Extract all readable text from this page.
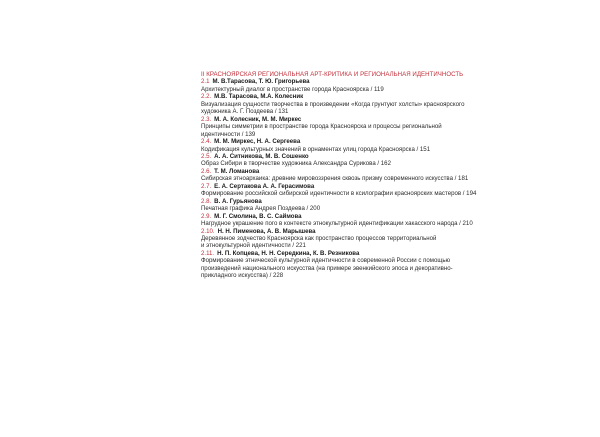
II КРАСНОЯРСКАЯ РЕГИОНАЛЬНАЯ АРТ-КРИТИКА И РЕГИОНАЛЬНАЯ ИДЕНТИЧНОСТЬ
2.1 М. В.Тарасова, Т. Ю. Григорьева
Архитектурный диалог в пространстве города Красноярска / 119
2.2. М.В. Тарасова, М.А. Колесник
Визуализация сущности творчества в произведении «Когда грунтуют холсты» красноярского
художника А. Г. Поздеева / 131
2.3. М. А. Колесник, М. М. Миркес
Принципы симметрии в пространстве города Красноярска и процессы региональной
идентичности / 139
2.4. М. М. Миркес, Н. А. Сергеева
Кодификация культурных значений в орнаментах улиц города Красноярска / 151
2.5. А. А. Ситникова, М. В. Сошенко
Образ Сибири в творчестве художника Александра Сурикова / 162
2.6. Т. М. Ломанова
Сибирская этноархаика: древние мировоззрения сквозь призму современного искусства / 181
2.7. Е. А. Сертакова А. А. Герасимова
Формирование российской сибирской идентичности в ксилографии красноярских мастеров / 194
2.8. В. А. Гурьянова
Печатная графика Андрея Поздеева / 200
2.9. М. Г. Смолина, В. С. Саймова
Нагрудное украшение пого в контексте этнокультурной идентификации хакасского народа / 210
2.10. Н. Н. Пименова, А. В. Марышева
Деревянное зодчество Красноярска как пространство процессов территориальной
и этнокультурной идентичности / 221
2.11. Н. П. Копцева, Н. Н. Середкина, К. В. Резникова
Формирование этнической культурной идентичности в современной России с помощью
произведений национального искусства (на примере эвенкийского эпоса и декоративно-
прикладного искусства) / 228
